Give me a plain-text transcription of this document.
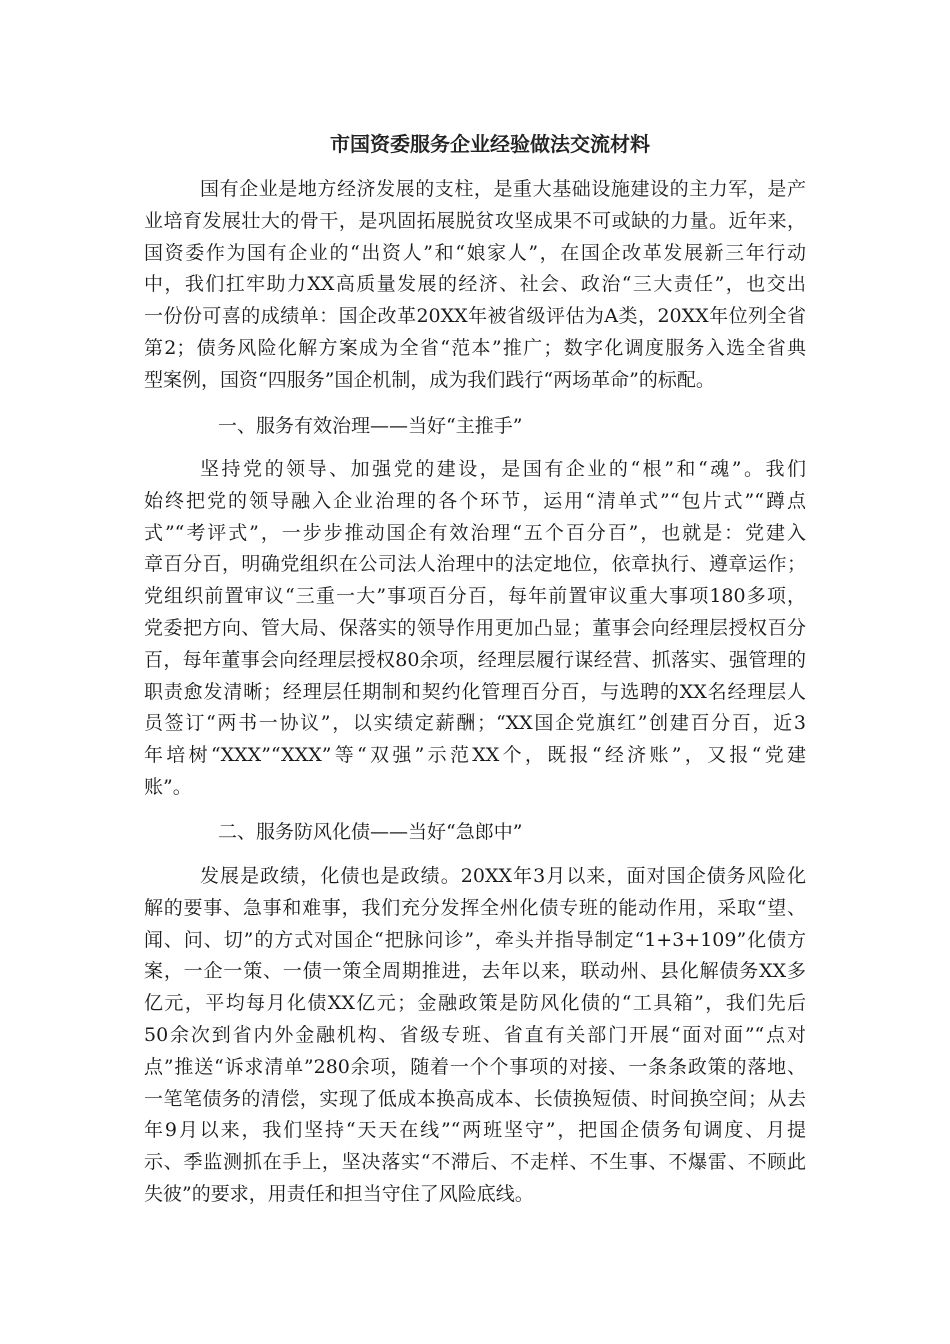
市国资委服务企业经验做法交流材料
国有企业是地方经济发展的支柱，是重大基础设施建设的主力军，是产
业培育发展壮大的骨干，是巩固拓展脱贫攻坚成果不可或缺的力量。近年来，
国资委作为国有企业的“出资人”和“娘家人”，在国企改革发展新三年行动
中，我们扛牢助力XX高质量发展的经济、社会、政治“三大责任”，也交出
一份份可喜的成绩单：国企改革20XX年被省级评估为A类，20XX年位列全省
第2；债务风险化解方案成为全省“范本”推广；数字化调度服务入选全省典
型案例，国资“四服务”国企机制，成为我们践行“两场革命”的标配。
一、服务有效治理——当好“主推手”
坚持党的领导、加强党的建设，是国有企业的“根”和“魂”。我们
始终把党的领导融入企业治理的各个环节，运用“清单式”“包片式”“蹲点
式”“考评式”，一步步推动国企有效治理“五个百分百”，也就是：党建入
章百分百，明确党组织在公司法人治理中的法定地位，依章执行、遵章运作；
党组织前置审议“三重一大”事项百分百，每年前置审议重大事项180多项，
党委把方向、管大局、保落实的领导作用更加凸显；董事会向经理层授权百分
百，每年董事会向经理层授权80余项，经理层履行谋经营、抓落实、强管理的
职责愈发清晰；经理层任期制和契约化管理百分百，与选聘的XX名经理层人
员签订“两书一协议”，以实绩定薪酬；“XX国企党旗红”创建百分百，近3
年培树“XXX”“XXX”等“双强”示范XX个，既报“经济账”，又报“党建
账”。
二、服务防风化债——当好“急郎中”
发展是政绩，化债也是政绩。20XX年3月以来，面对国企债务风险化
解的要事、急事和难事，我们充分发挥全州化债专班的能动作用，采取“望、
闻、问、切”的方式对国企“把脉问诊”，牵头并指导制定“1+3+109”化债方
案，一企一策、一债一策全周期推进，去年以来，联动州、县化解债务XX多
亿元，平均每月化债XX亿元；金融政策是防风化债的“工具箱”，我们先后
50余次到省内外金融机构、省级专班、省直有关部门开展“面对面”“点对
点”推送“诉求清单”280余项，随着一个个事项的对接、一条条政策的落地、
一笔笔债务的清偿，实现了低成本换高成本、长债换短债、时间换空间；从去
年9月以来，我们坚持“天天在线”“两班坚守”，把国企债务旬调度、月提
示、季监测抓在手上，坚决落实“不滞后、不走样、不生事、不爆雷、不顾此
失彼”的要求，用责任和担当守住了风险底线。
